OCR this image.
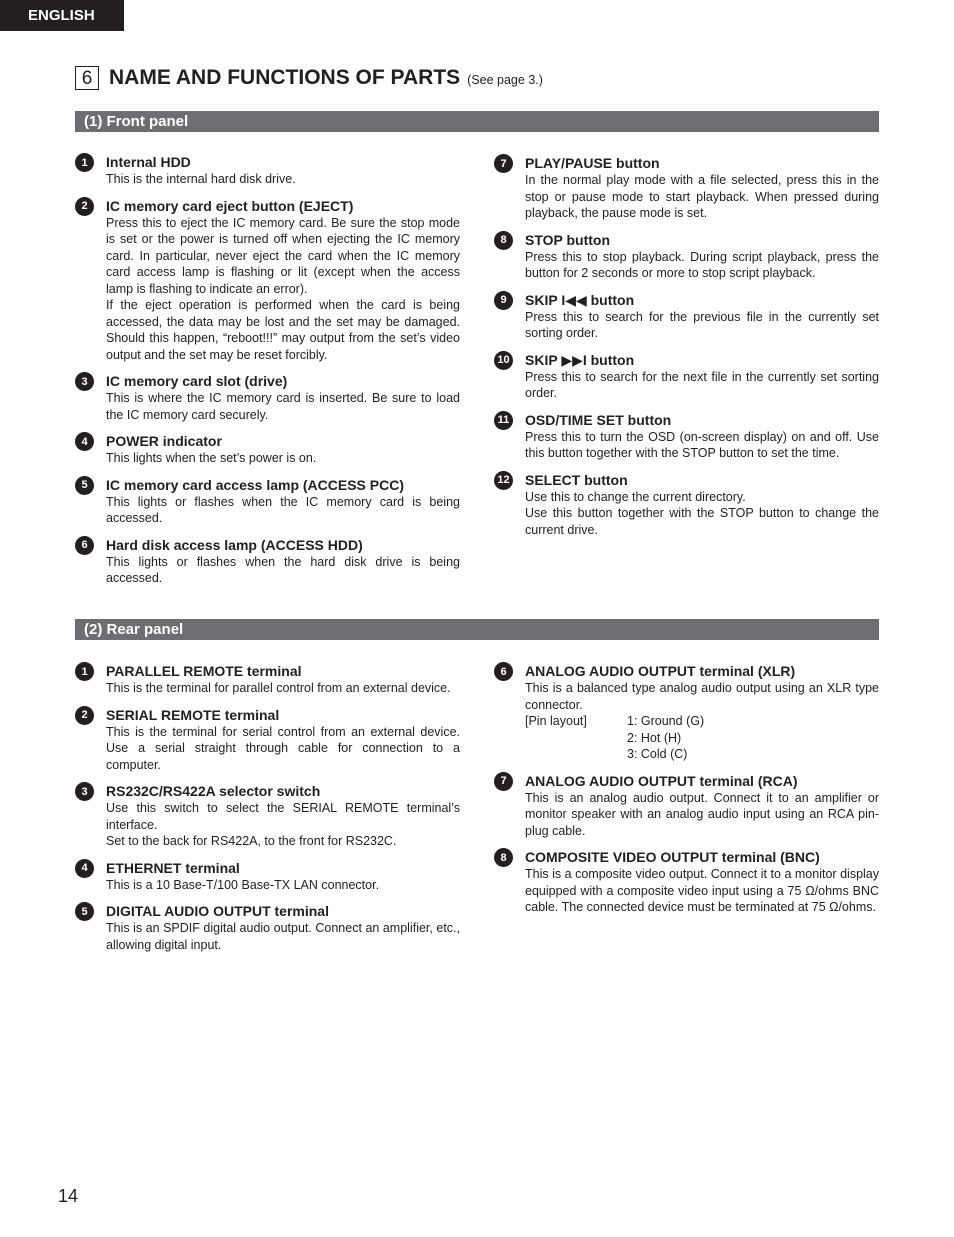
ENGLISH
6 NAME AND FUNCTIONS OF PARTS (See page 3.)
(1) Front panel
1	Internal HDD

This is the internal hard disk drive.

2	IC memory card eject button (EJECT)

Press this to eject the IC memory card. Be sure the stop mode is set or the power is turned off when ejecting the IC memory card. In particular, never eject the card when the IC memory card access lamp is flashing or lit (except when the access lamp is flashing to indicate an error).

If the eject operation is performed when the card is being accessed, the data may be lost and the set may be damaged. Should this happen, “reboot!!!” may output from the set’s video output and the set may be reset forcibly.

3	IC memory card slot (drive)

This is where the IC memory card is inserted. Be sure to load the IC memory card securely.

4	POWER indicator

This lights when the set’s power is on.

5	IC memory card access lamp (ACCESS PCC)

This lights or flashes when the IC memory card is being accessed.

6	Hard disk access lamp (ACCESS HDD)

This lights or flashes when the hard disk drive is being accessed.

7	PLAY/PAUSE button

In the normal play mode with a file selected, press this in the stop or pause mode to start playback. When pressed during playback, the pause mode is set.

8	STOP button

Press this to stop playback. During script playback, press the button for 2 seconds or more to stop script playback.

9	SKIP I◀◀ button

Press this to search for the previous file in the currently set sorting order.

10 SKIP ▶▶I button

Press this to search for the next file in the currently set sorting order.

11 OSD/TIME SET button

Press this to turn the OSD (on-screen display) on and off. Use this button together with the STOP button to set the time.

12 SELECT button

Use this to change the current directory.

Use this button together with the STOP button to change the current drive.

(2) Rear panel
1	PARALLEL REMOTE terminal

This is the terminal for parallel control from an external device.

2	SERIAL REMOTE terminal

This is the terminal for serial control from an external device. Use a serial straight through cable for connection to a computer.

3	RS232C/RS422A selector switch

Use this switch to select the SERIAL REMOTE terminal’s interface.

Set to the back for RS422A, to the front for RS232C.

4	ETHERNET terminal

This is a 10 Base-T/100 Base-TX LAN connector.

5	DIGITAL AUDIO OUTPUT terminal

This is an SPDIF digital audio output. Connect an amplifier, etc., allowing digital input.

6	ANALOG AUDIO OUTPUT terminal (XLR)

This is a balanced type analog audio output using an XLR type connector.

[Pin layout]	1: Ground (G)
2: Hot (H)
3: Cold (C)
7	ANALOG AUDIO OUTPUT terminal (RCA)

This is an analog audio output. Connect it to an amplifier or monitor speaker with an analog audio input using an RCA pin-plug cable.

8	COMPOSITE VIDEO OUTPUT terminal (BNC)

This is a composite video output. Connect it to a monitor display equipped with a composite video input using a 75 Ω/ohms BNC cable. The connected device must be terminated at 75 Ω/ohms.

14
